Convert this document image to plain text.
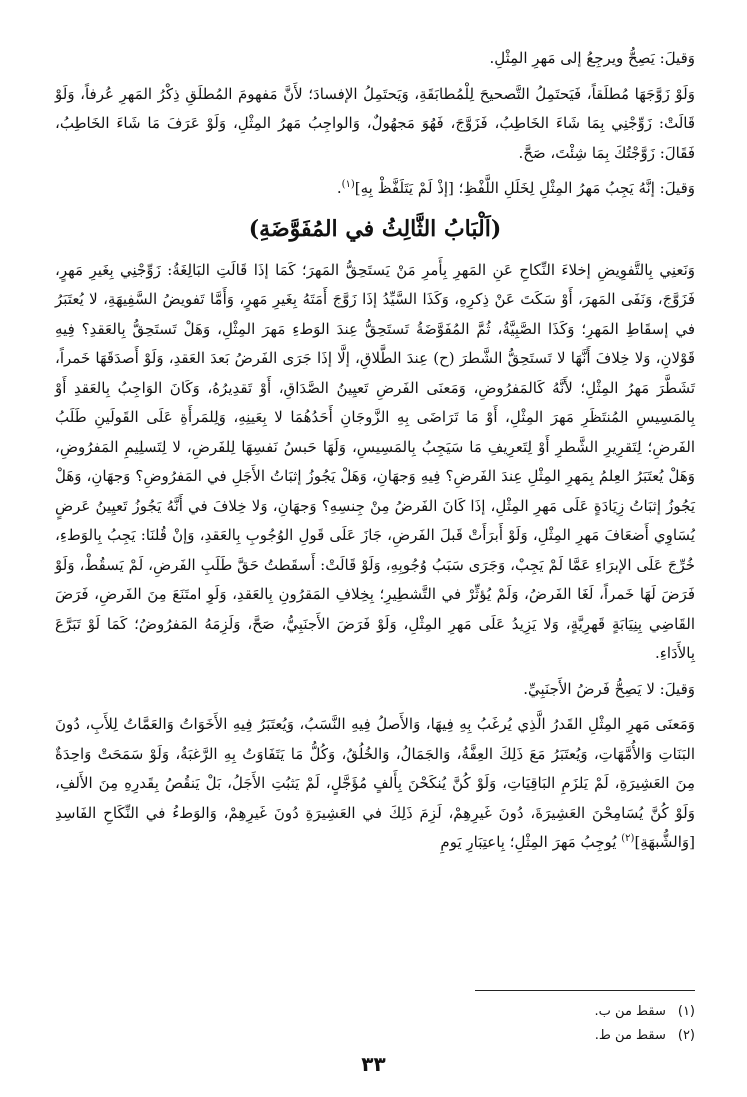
وَقيلَ: يَصِحُّ ويرجِعُ إلى مَهرِ المِثْلِ.

وَلَوْ زَوَّجَهَا مُطلَقاً، فَيَحتَمِلُ التَّصحيحَ لِلْمُطابَقَةِ، وَيَحتَمِلُ الإفسادَ؛ لأَنَّ مَفهومَ المُطلَقِ ذِكْرُ المَهرِ عُرفاً، وَلَوْ قَالَتْ: زَوِّجْنِي بِمَا شَاءَ الخَاطِبُ، فَزَوَّجَ، فَهُوَ مَجهُولٌ، وَالواجِبُ مَهرُ المِثْلِ، وَلَوْ عَرَفَ مَا شَاءَ الخَاطِبُ، فَقَالَ: زَوَّجْتُكَ بِمَا شِئْتَ، صَحَّ.

وَقيلَ: إنَّهُ يَجِبُ مَهرُ المِثْلِ لِخَلَلِ اللَّفْظِ؛ [إذْ لَمْ يَتَلَفَّظْ بِهِ]$^{(١)}$.

(اَلْبَابُ الثَّالِثُ في المُفَوَّضَةِ)

وَنَعنِي بِالتَّفوِيضِ إخلاءَ النِّكاحِ عَنِ المَهرِ بِأَمرِ مَنْ يَستَحِقُّ المَهرَ؛ كَمَا إذَا قَالَتِ البَالِغَةُ: زَوِّجْنِي بِغَيرِ مَهرٍ، فَزَوَّجَ، وَنَفَى المَهرَ، أَوْ سَكَتَ عَنْ ذِكرِهِ، وَكَذَا السَّيِّدُ إذَا زَوَّجَ أَمَتَهُ بِغَيرِ مَهرٍ، وَأَمَّا تَفويضُ السَّفِيهَةِ، لا يُعتَبَرُ في إسقَاطِ المَهرِ؛ وَكَذَا الصَّبِيَّةُ، ثُمَّ المُفَوَّضَةُ تَستَحِقُّ عِندَ الوَطءِ مَهرَ المِثْلِ، وَهَلْ تَستَحِقُّ بِالعَقدِ؟ فِيهِ قَوْلانِ، وَلا خِلافَ أَنَّهَا لا تَستَحِقُّ الشَّطرَ (ح) عِندَ الطَّلاقِ، إلَّا إذَا جَرَى الفَرضُ بَعدَ العَقدِ، وَلَوْ أَصدَقَهَا خَمراً، تَشَطَّرَ مَهرُ المِثْلِ؛ لأَنَّهُ كَالمَفرُوضِ، وَمَعنَى الفَرضِ تَعيِينُ الصَّدَاقِ، أَوْ تَقدِيرُهُ، وَكَانَ الوَاجِبُ بِالعَقدِ أَوْ بِالمَسِيسِ المُنتَظَرِ مَهرَ المِثْلِ، أَوْ مَا تَرَاضَى بِهِ الزَّوجَانِ أَحَدُهُمَا لا بِعَينِهِ، وَلِلمَرأَةِ عَلَى القَولَينِ طَلَبُ الفَرضِ؛ لِتَقرِيرِ الشَّطرِ أَوْ لِتَعرِيفِ مَا سَيَجِبُ بِالمَسِيسِ، وَلَهَا حَبسُ نَفسِهَا لِلفَرضِ، لا لِتَسلِيمِ المَفرُوضِ، وَهَلْ يُعتَبَرُ العِلمُ بِمَهرِ المِثْلِ عِندَ الفَرضِ؟ فِيهِ وَجهَانِ، وَهَلْ يَجُوزُ إثبَاتُ الأَجَلِ في المَفرُوضِ؟ وَجهَانِ، وَهَلْ يَجُوزُ إثبَاتُ زِيَادَةٍ عَلَى مَهرِ المِثْلِ، إذَا كَانَ الفَرضُ مِنْ جِنسِهِ؟ وَجهَانِ، وَلا خِلافَ في أَنَّهُ يَجُوزُ تَعيِينُ عَرضٍ يُسَاوِي أَضعَافَ مَهرِ المِثْلِ، وَلَوْ أَبرَأَتْ قَبلَ الفَرضِ، جَازَ عَلَى قَولِ الوُجُوبِ بِالعَقدِ، وَإنْ قُلنَا: يَجِبُ بِالوَطءِ، خُرِّجَ عَلَى الإبرَاءِ عَمَّا لَمْ يَجِبْ، وَجَرَى سَبَبُ وُجُوبِهِ، وَلَوْ قَالَتْ: أَسقَطتُ حَقَّ طَلَبِ الفَرضِ، لَمْ يَسقُطْ، وَلَوْ فَرَضَ لَهَا خَمراً، لَغَا الفَرضُ، وَلَمْ يُؤثِّرْ في التَّشطِيرِ؛ بِخِلافِ المَقرُونِ بِالعَقدِ، وَلَوِ امتَنَعَ مِنَ الفَرضِ، فَرَضَ القَاضِي بِنِيَابَةٍ قَهرِيَّةٍ، وَلا يَزِيدُ عَلَى مَهرِ المِثْلِ، وَلَوْ فَرَضَ الأَجنَبِيُّ، صَحَّ، وَلَزِمَهُ المَفرُوضُ؛ كَمَا لَوْ تَبَرَّعَ بِالأَدَاءِ.

وَقيلَ: لا يَصِحُّ فَرضُ الأَجنَبِيِّ.

وَمَعنَى مَهرِ المِثْلِ القَدرُ الَّذِي يُرغَبُ بِهِ فِيهَا، وَالأَصلُ فِيهِ النَّسَبُ، وَيُعتَبَرُ فِيهِ الأَخَوَاتُ وَالعَمَّاتُ لِلأَبِ، دُونَ البَنَاتِ وَالأُمَّهَاتِ، وَيُعتَبَرُ مَعَ ذَلِكَ العِفَّةُ، وَالجَمَالُ، وَالخُلُقُ، وَكُلُّ مَا يَتَفَاوَتُ بِهِ الرَّغبَةُ، وَلَوْ سَمَحَتْ وَاحِدَةٌ مِنَ العَشِيرَةِ، لَمْ يَلزَمِ البَاقِيَاتِ، وَلَوْ كُنَّ يُنكَحْنَ بِأَلفٍ مُؤَجَّلٍ، لَمْ يَثبُتِ الأَجَلُ، بَلْ يَنقُصُ بِقَدرِهِ مِنَ الأَلفِ، وَلَوْ كُنَّ يُسَامِحْنَ العَشِيرَةَ، دُونَ غَيرِهِمْ، لَزِمَ ذَلِكَ في العَشِيرَةِ دُونَ غَيرِهِمْ، وَالوَطءُ في النِّكَاحِ الفَاسِدِ [وَالشُّبهَةِ]$^{(٢)}$ يُوجِبُ مَهرَ المِثْلِ؛ بِاعتِبَارِ يَومِ

(١)
سقط من ب.
(٢)
سقط من ط.
٣٣
